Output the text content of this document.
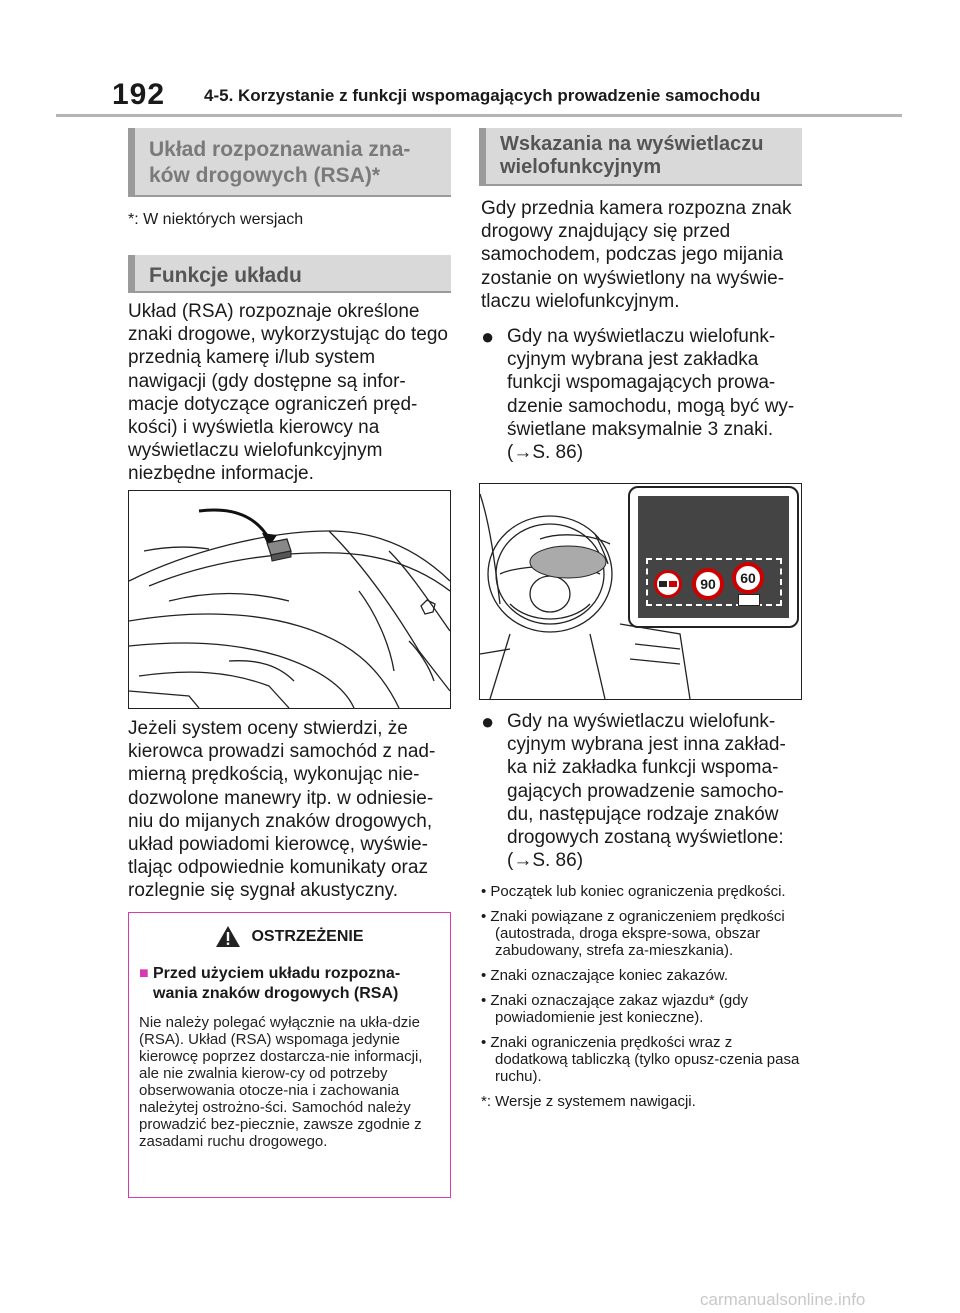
192 4-5. Korzystanie z funkcji wspomagających prowadzenie samochodu
Układ rozpoznawania zna-ków drogowych (RSA)*
*: W niektórych wersjach
Funkcje układu
Układ (RSA) rozpoznaje określone znaki drogowe, wykorzystując do tego przednią kamerę i/lub system nawigacji (gdy dostępne są infor-macje dotyczące ograniczeń pręd-kości) i wyświetla kierowcy na wyświetlaczu wielofunkcyjnym niezbędne informacje.
Jeżeli system oceny stwierdzi, że kierowca prowadzi samochód z nad-mierną prędkością, wykonując nie-dozwolone manewry itp. w odniesie-niu do mijanych znaków drogowych, układ powiadomi kierowcę, wyświe-tlając odpowiednie komunikaty oraz rozlegnie się sygnał akustyczny.
OSTRZEŻENIE
■ Przed użyciem układu rozpozna-wania znaków drogowych (RSA)
Nie należy polegać wyłącznie na ukła-dzie (RSA). Układ (RSA) wspomaga jedynie kierowcę poprzez dostarcza-nie informacji, ale nie zwalnia kierow-cy od potrzeby obserwowania otocze-nia i zachowania należytej ostrożno-ści. Samochód należy prowadzić bez-piecznie, zawsze zgodnie z zasadami ruchu drogowego.
Wskazania na wyświetlaczu wielofunkcyjnym
Gdy przednia kamera rozpozna znak drogowy znajdujący się przed samochodem, podczas jego mijania zostanie on wyświetlony na wyświe-tlaczu wielofunkcyjnym.
● Gdy na wyświetlaczu wielofunk-cyjnym wybrana jest zakładka funkcji wspomagających prowa-dzenie samochodu, mogą być wy-świetlane maksymalnie 3 znaki. (→S. 86)
90	60
● Gdy na wyświetlaczu wielofunk-cyjnym wybrana jest inna zakład-ka niż zakładka funkcji wspoma-gających prowadzenie samocho-du, następujące rodzaje znaków drogowych zostaną wyświetlone: (→S. 86)
• Początek lub koniec ograniczenia prędkości.
• Znaki powiązane z ograniczeniem prędkości (autostrada, droga ekspre-sowa, obszar zabudowany, strefa za-mieszkania).
• Znaki oznaczające koniec zakazów.
• Znaki oznaczające zakaz wjazdu* (gdy powiadomienie jest konieczne).
• Znaki ograniczenia prędkości wraz z dodatkową tabliczką (tylko opusz-czenia pasa ruchu).
*: Wersje z systemem nawigacji.
carmanualsonline.info
